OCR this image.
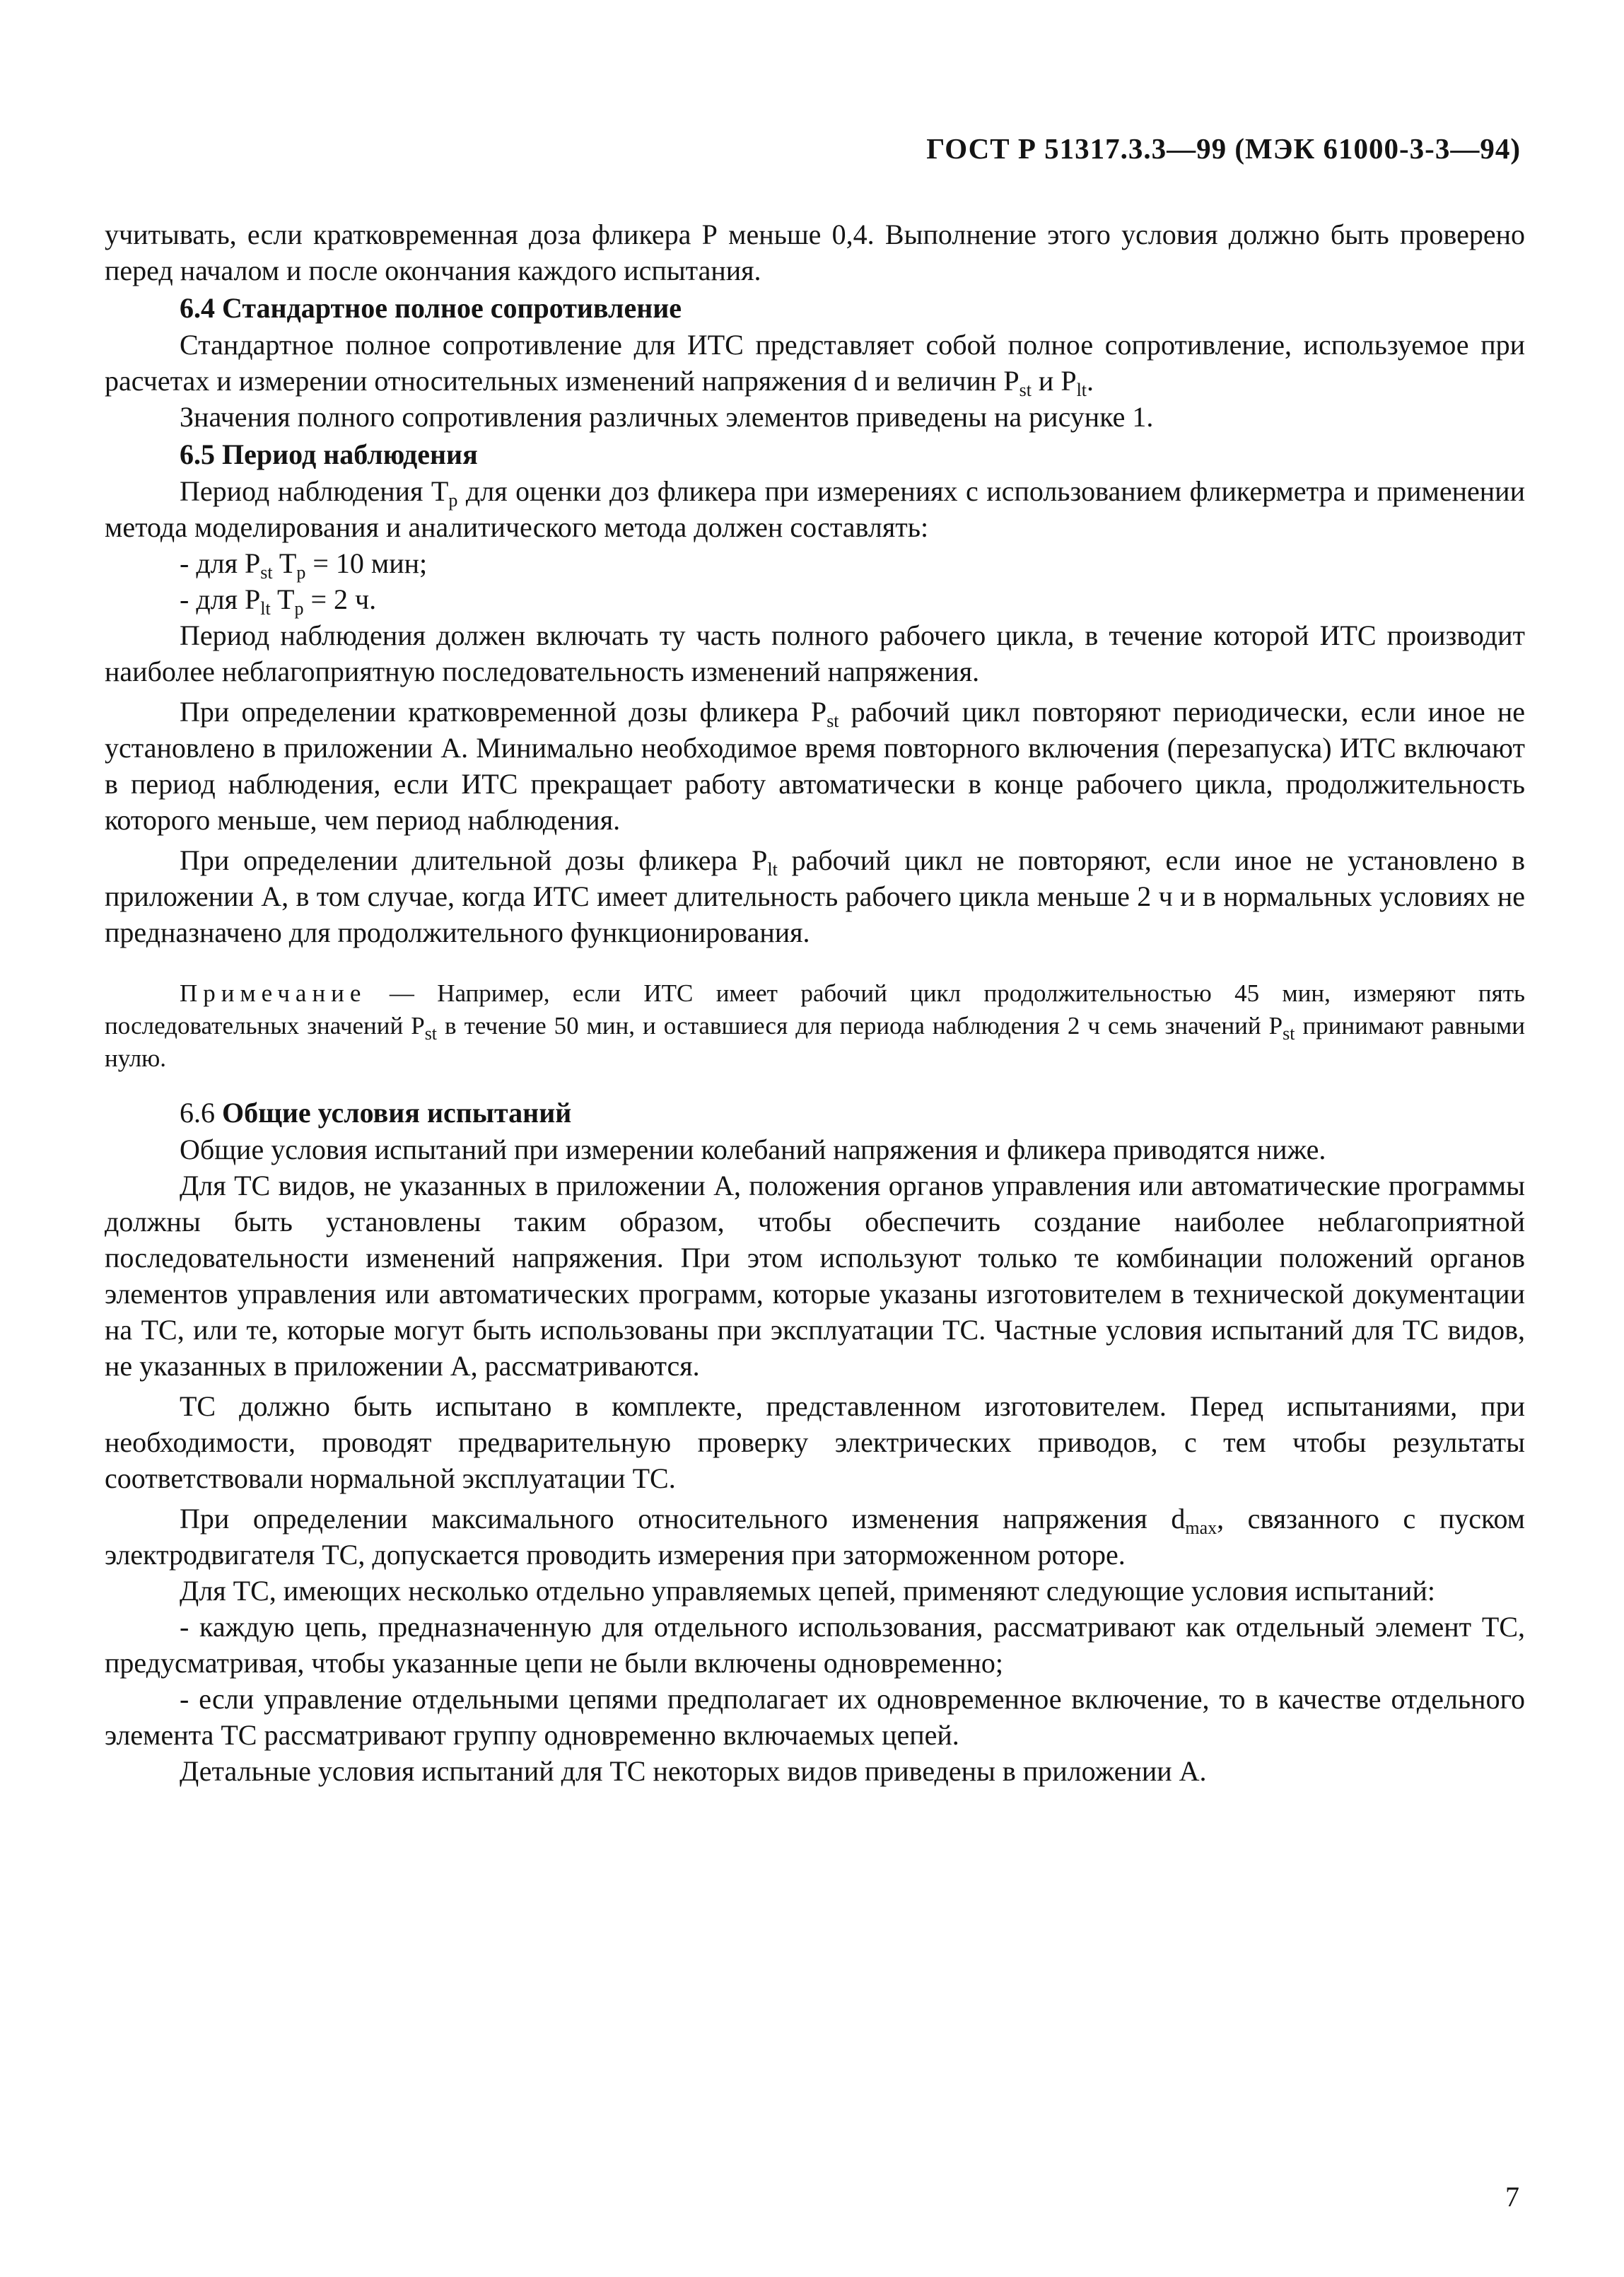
ГОСТ Р 51317.3.3—99 (МЭК 61000-3-3—94)

учитывать, если кратковременная доза фликера Р меньше 0,4. Выполнение этого условия должно быть проверено перед началом и после окончания каждого испытания.

6.4 Стандартное полное сопротивление

Стандартное полное сопротивление для ИТС представляет собой полное сопротивление, используемое при расчетах и измерении относительных изменений напряжения d и величин $P_{st}$ и $P_{lt}$.

Значения полного сопротивления различных элементов приведены на рисунке 1.

6.5 Период наблюдения

Период наблюдения $T_p$ для оценки доз фликера при измерениях с использованием фликерметра и применении метода моделирования и аналитического метода должен составлять:

- для $P_{st}$ $T_p = 10$ мин;

- для $P_{lt}$ $T_p = 2$ ч.

Период наблюдения должен включать ту часть полного рабочего цикла, в течение которой ИТС производит наиболее неблагоприятную последовательность изменений напряжения.

При определении кратковременной дозы фликера $P_{st}$ рабочий цикл повторяют периодически, если иное не установлено в приложении А. Минимально необходимое время повторного включения (перезапуска) ИТС включают в период наблюдения, если ИТС прекращает работу автоматически в конце рабочего цикла, продолжительность которого меньше, чем период наблюдения.

При определении длительной дозы фликера $P_{lt}$ рабочий цикл не повторяют, если иное не установлено в приложении А, в том случае, когда ИТС имеет длительность рабочего цикла меньше 2 ч и в нормальных условиях не предназначено для продолжительного функционирования.

Примечание — Например, если ИТС имеет рабочий цикл продолжительностью 45 мин, измеряют пять последовательных значений $P_{st}$ в течение 50 мин, и оставшиеся для периода наблюдения 2 ч семь значений $P_{st}$ принимают равными нулю.

6.6 Общие условия испытаний

Общие условия испытаний при измерении колебаний напряжения и фликера приводятся ниже.

Для ТС видов, не указанных в приложении А, положения органов управления или автоматические программы должны быть установлены таким образом, чтобы обеспечить создание наиболее неблагоприятной последовательности изменений напряжения. При этом используют только те комбинации положений органов элементов управления или автоматических программ, которые указаны изготовителем в технической документации на ТС, или те, которые могут быть использованы при эксплуатации ТС. Частные условия испытаний для ТС видов, не указанных в приложении А, рассматриваются.

ТС должно быть испытано в комплекте, представленном изготовителем. Перед испытаниями, при необходимости, проводят предварительную проверку электрических приводов, с тем чтобы результаты соответствовали нормальной эксплуатации ТС.

При определении максимального относительного изменения напряжения $d_{max}$, связанного с пуском электродвигателя ТС, допускается проводить измерения при заторможенном роторе.

Для ТС, имеющих несколько отдельно управляемых цепей, применяют следующие условия испытаний:

- каждую цепь, предназначенную для отдельного использования, рассматривают как отдельный элемент ТС, предусматривая, чтобы указанные цепи не были включены одновременно;

- если управление отдельными цепями предполагает их одновременное включение, то в качестве отдельного элемента ТС рассматривают группу одновременно включаемых цепей.

Детальные условия испытаний для ТС некоторых видов приведены в приложении А.

7
